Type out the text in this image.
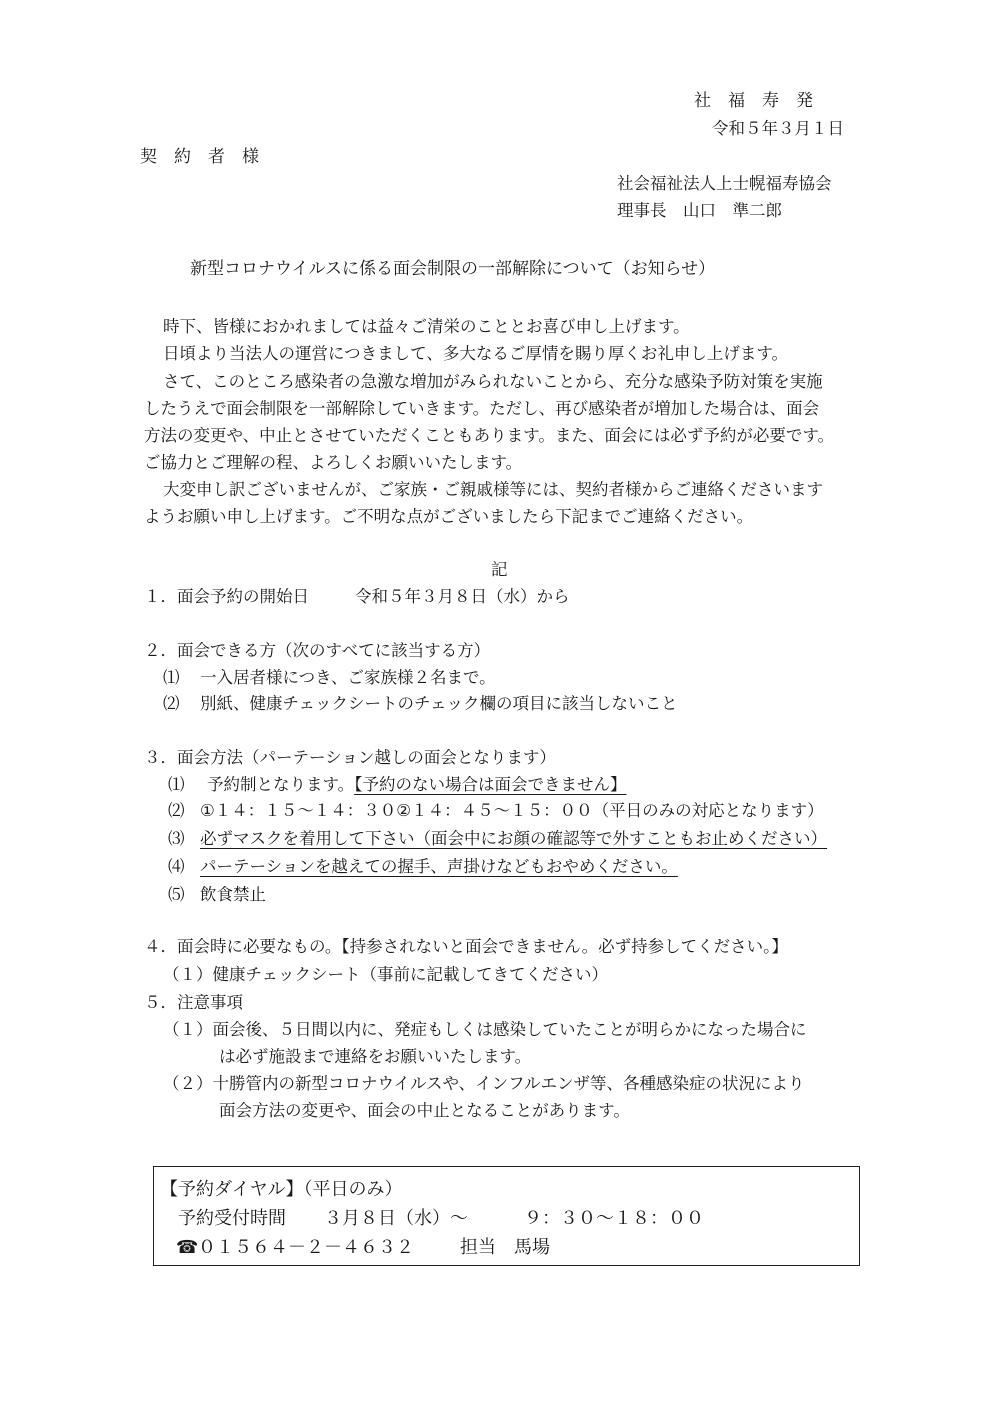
社　福　寿　発
令和５年３月１日
契　約　者　様
社会福祉法人上士幌福寿協会
理事長　山口　準二郎
新型コロナウイルスに係る面会制限の一部解除について（お知らせ）
時下、皆様におかれましては益々ご清栄のこととお喜び申し上げます。
日頃より当法人の運営につきまして、多大なるご厚情を賜り厚くお礼申し上げます。
さて、このところ感染者の急激な増加がみられないことから、充分な感染予防対策を実施
したうえで面会制限を一部解除していきます。ただし、再び感染者が増加した場合は、面会
方法の変更や、中止とさせていただくこともあります。また、面会には必ず予約が必要です。
ご協力とご理解の程、よろしくお願いいたします。
大変申し訳ございませんが、ご家族・ご親戚様等には、契約者様からご連絡くださいます
ようお願い申し上げます。ご不明な点がございましたら下記までご連絡ください。
記
１．面会予約の開始日	令和５年３月８日（水）から
２．面会できる方（次のすべてに該当する方）
⑴ 一入居者様につき、ご家族様２名まで。
⑵ 別紙、健康チェックシートのチェック欄の項目に該当しないこと
３．面会方法（パーテーション越しの面会となります）
⑴ 予約制となります。【予約のない場合は面会できません】
⑵ ①１４：１５～１４：３０②１４：４５～１５：００（平日のみの対応となります）
⑶ 必ずマスクを着用して下さい（面会中にお顔の確認等で外すこともお止めください）
⑷ パーテーションを越えての握手、声掛けなどもおやめください。
⑸ 飲食禁止
４．面会時に必要なもの。【持参されないと面会できません。必ず持参してください。】
（１）健康チェックシート（事前に記載してきてください）
５．注意事項
（１）面会後、５日間以内に、発症もしくは感染していたことが明らかになった場合に
は必ず施設まで連絡をお願いいたします。
（２）十勝管内の新型コロナウイルスや、インフルエンザ等、各種感染症の状況により
面会方法の変更や、面会の中止となることがあります。
【予約ダイヤル】（平日のみ）
予約受付時間 ３月８日（水）～	９：３０～１８：００
☎ ０１５６４－２－４６３２	担当　馬場
